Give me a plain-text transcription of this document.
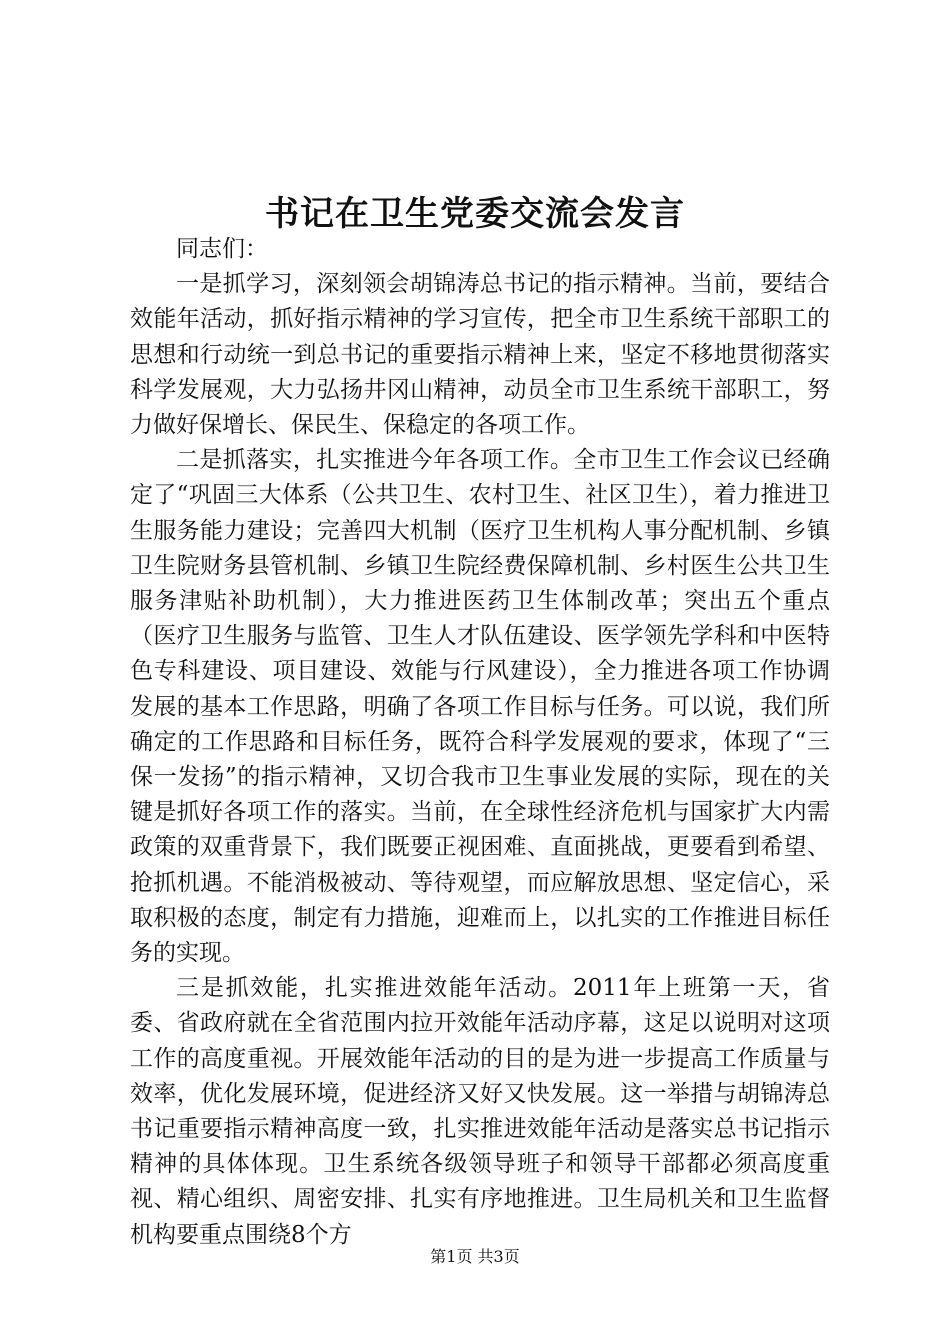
书记在卫生党委交流会发言

同志们：

一是抓学习，深刻领会胡锦涛总书记的指示精神。当前，要结合效能年活动，抓好指示精神的学习宣传，把全市卫生系统干部职工的思想和行动统一到总书记的重要指示精神上来，坚定不移地贯彻落实科学发展观，大力弘扬井冈山精神，动员全市卫生系统干部职工，努力做好保增长、保民生、保稳定的各项工作。

二是抓落实，扎实推进今年各项工作。全市卫生工作会议已经确定了“巩固三大体系（公共卫生、农村卫生、社区卫生），着力推进卫生服务能力建设；完善四大机制（医疗卫生机构人事分配机制、乡镇卫生院财务县管机制、乡镇卫生院经费保障机制、乡村医生公共卫生服务津贴补助机制），大力推进医药卫生体制改革；突出五个重点（医疗卫生服务与监管、卫生人才队伍建设、医学领先学科和中医特色专科建设、项目建设、效能与行风建设），全力推进各项工作协调发展的基本工作思路，明确了各项工作目标与任务。可以说，我们所确定的工作思路和目标任务，既符合科学发展观的要求，体现了“三保一发扬”的指示精神，又切合我市卫生事业发展的实际，现在的关键是抓好各项工作的落实。当前，在全球性经济危机与国家扩大内需政策的双重背景下，我们既要正视困难、直面挑战，更要看到希望、抢抓机遇。不能消极被动、等待观望，而应解放思想、坚定信心，采取积极的态度，制定有力措施，迎难而上，以扎实的工作推进目标任务的实现。

三是抓效能，扎实推进效能年活动。2011年上班第一天，省委、省政府就在全省范围内拉开效能年活动序幕，这足以说明对这项工作的高度重视。开展效能年活动的目的是为进一步提高工作质量与效率，优化发展环境，促进经济又好又快发展。这一举措与胡锦涛总书记重要指示精神高度一致，扎实推进效能年活动是落实总书记指示精神的具体体现。卫生系统各级领导班子和领导干部都必须高度重视、精心组织、周密安排、扎实有序地推进。卫生局机关和卫生监督机构要重点围绕8个方

第1页 共3页
